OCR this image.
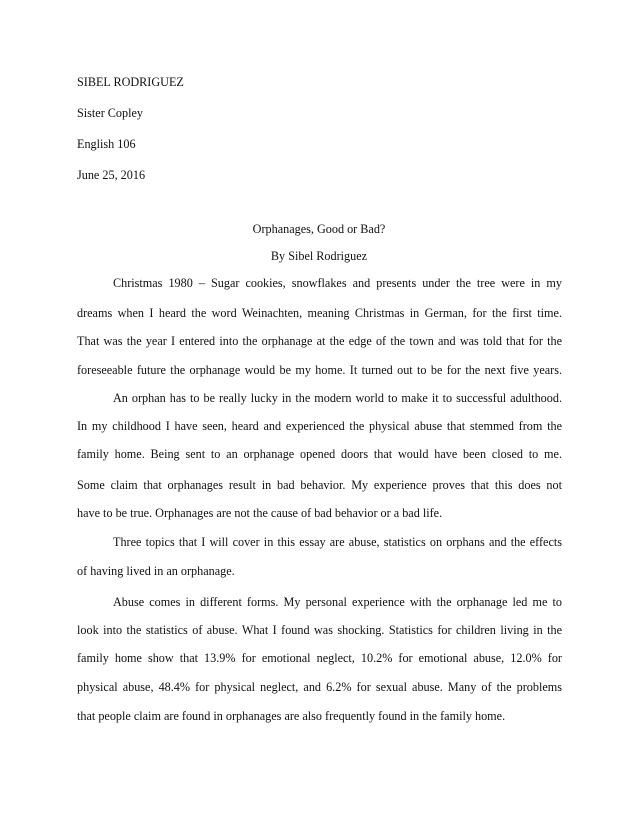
SIBEL RODRIGUEZ
Sister Copley
English 106
June 25, 2016
Orphanages, Good or Bad?
By Sibel Rodriguez
Christmas 1980 – Sugar cookies, snowflakes and presents under the tree were in my
dreams when I heard the word Weinachten, meaning Christmas in German, for the first time.
That was the year I entered into the orphanage at the edge of the town and was told that for the
foreseeable future the orphanage would be my home. It turned out to be for the next five years.
An orphan has to be really lucky in the modern world to make it to successful adulthood.
In my childhood I have seen, heard and experienced the physical abuse that stemmed from the
family home. Being sent to an orphanage opened doors that would have been closed to me.
Some claim that orphanages result in bad behavior. My experience proves that this does not
have to be true. Orphanages are not the cause of bad behavior or a bad life.
Three topics that I will cover in this essay are abuse, statistics on orphans and the effects
of having lived in an orphanage.
Abuse comes in different forms. My personal experience with the orphanage led me to
look into the statistics of abuse. What I found was shocking. Statistics for children living in the
family home show that 13.9% for emotional neglect, 10.2% for emotional abuse, 12.0% for
physical abuse, 48.4% for physical neglect, and 6.2% for sexual abuse. Many of the problems
that people claim are found in orphanages are also frequently found in the family home.
